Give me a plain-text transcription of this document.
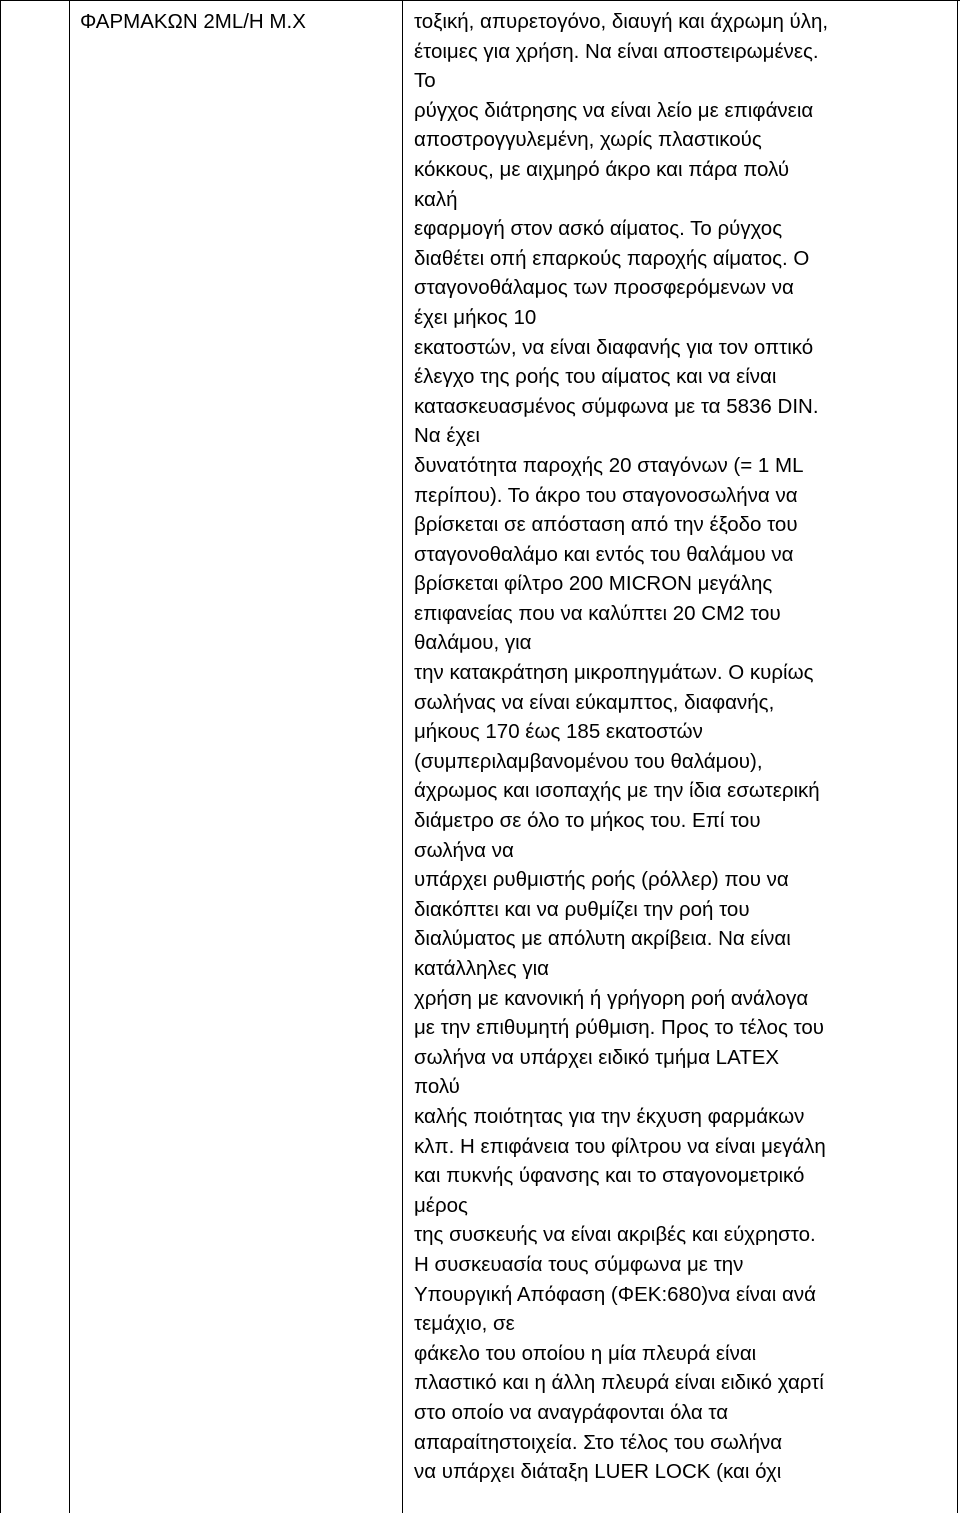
ΦΑΡΜΑΚΩΝ 2ML/H Μ.Χ	τοξική, απυρετογόνο, διαυγή και άχρωμη ύλη,
έτοιμες για χρήση. Να είναι αποστειρωμένες.
Το
ρύγχος διάτρησης να είναι λείο με επιφάνεια
αποστρογγυλεμένη, χωρίς πλαστικούς
κόκκους, με αιχμηρό άκρο και πάρα πολύ
καλή
εφαρμογή στον ασκό αίματος. Το ρύγχος
διαθέτει οπή επαρκούς παροχής αίματος. Ο
σταγονοθάλαμος των προσφερόμενων να
έχει μήκος 10
εκατοστών, να είναι διαφανής για τον οπτικό
έλεγχο της ροής του αίματος και να είναι
κατασκευασμένος σύμφωνα με τα 5836 DIN.
Να έχει
δυνατότητα παροχής 20 σταγόνων (= 1 ML
περίπου). Το άκρο του σταγονοσωλήνα να
βρίσκεται σε απόσταση από την έξοδο του
σταγονοθαλάμο και εντός του θαλάμου να
βρίσκεται φίλτρο 200 MICRON μεγάλης
επιφανείας που να καλύπτει 20 CM2 του
θαλάμου, για
την κατακράτηση μικροπηγμάτων. Ο κυρίως
σωλήνας να είναι εύκαμπτος, διαφανής,
μήκους 170 έως 185 εκατοστών
(συμπεριλαμβανομένου του θαλάμου),
άχρωμος και ισοπαχής με την ίδια εσωτερική
διάμετρο σε όλο το μήκος του. Επί του
σωλήνα να
υπάρχει ρυθμιστής ροής (ρόλλερ) που να
διακόπτει και να ρυθμίζει την ροή του
διαλύματος με απόλυτη ακρίβεια. Να είναι
κατάλληλες για
χρήση με κανονική ή γρήγορη ροή ανάλογα
με την επιθυμητή ρύθμιση. Προς το τέλος του
σωλήνα να υπάρχει ειδικό τμήμα LATEX
πολύ
καλής ποιότητας για την έκχυση φαρμάκων
κλπ. Η επιφάνεια του φίλτρου να είναι μεγάλη
και πυκνής ύφανσης και το σταγονομετρικό
μέρος
της συσκευής να είναι ακριβές και εύχρηστο.
Η συσκευασία τους σύμφωνα με την
Υπουργική Απόφαση (ΦΕΚ:680)να είναι ανά
τεμάχιο, σε
φάκελο του οποίου η μία πλευρά είναι
πλαστικό και η άλλη πλευρά είναι ειδικό χαρτί
στο οποίο να αναγράφονται όλα τα
απαραίτηστοιχεία. Στο τέλος του σωλήνα
να υπάρχει διάταξη LUER LOCK (και όχι
